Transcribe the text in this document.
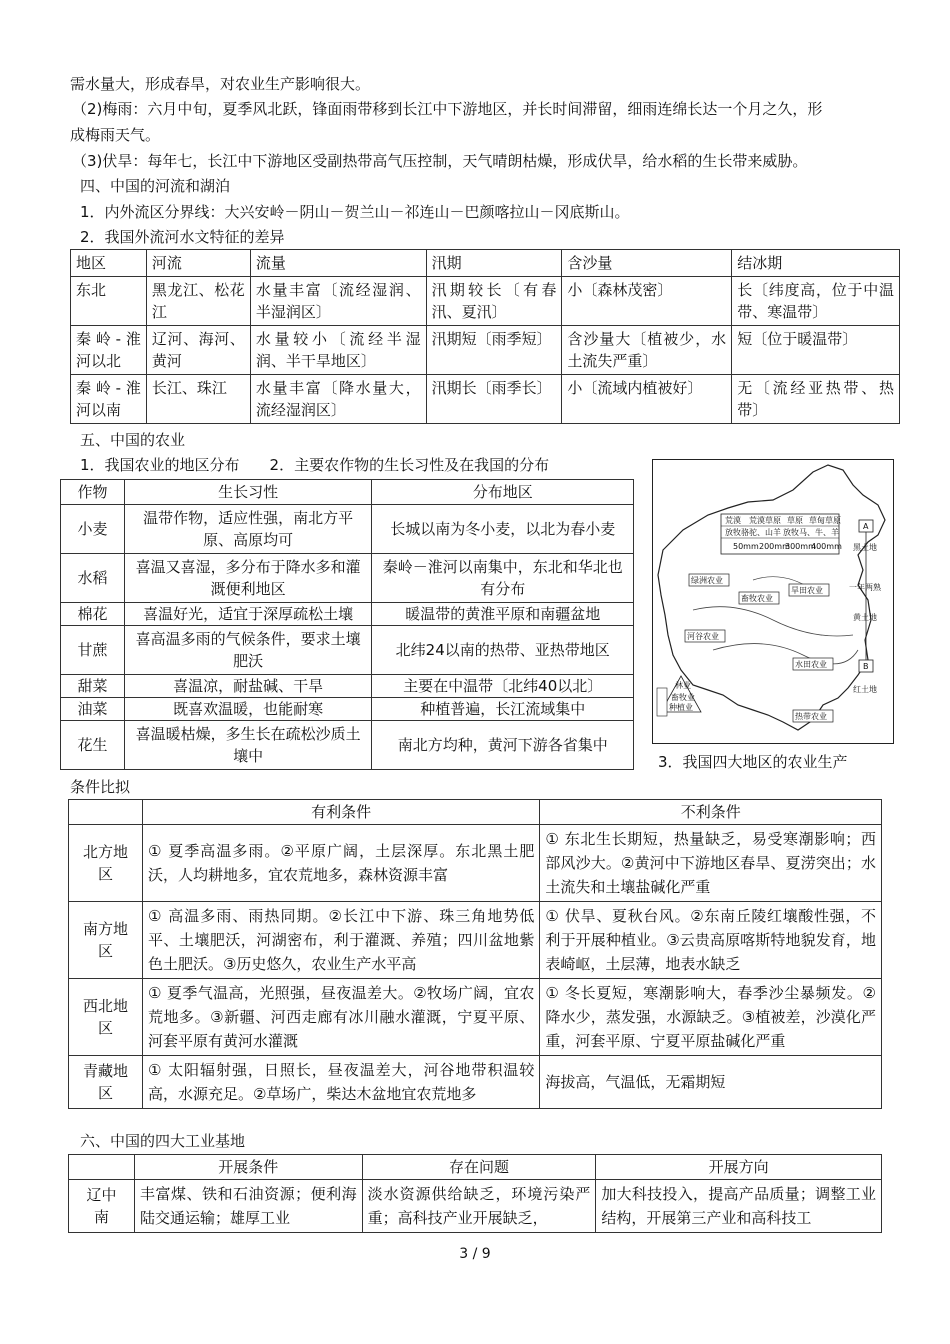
需水量大，形成春旱，对农业生产影响很大。
（2)梅雨：六月中旬，夏季风北跃，锋面雨带移到长江中下游地区，并长时间滞留，细雨连绵长达一个月之久，形
成梅雨天气。
（3)伏旱：每年七，长江中下游地区受副热带高气压控制，天气晴朗枯燥，形成伏旱，给水稻的生长带来威胁。
四、中国的河流和湖泊
1．内外流区分界线：大兴安岭－阴山－贺兰山－祁连山－巴颜喀拉山－冈底斯山。
2．我国外流河水文特征的差异
地区	河流	流量	汛期	含沙量	结冰期
东北	黑龙江、松花江	水量丰富〔流经湿润、半湿润区〕	汛期较长〔有春汛、夏汛〕	小〔森林茂密〕	长〔纬度高，位于中温带、寒温带〕
秦岭-淮河以北	辽河、海河、黄河	水量较小〔流经半湿润、半干旱地区〕	汛期短〔雨季短〕	含沙量大〔植被少，水土流失严重〕	短〔位于暖温带〕
秦岭-淮河以南	长江、珠江	水量丰富〔降水量大，流经湿润区〕	汛期长〔雨季长〕	小〔流域内植被好〕	无〔流经亚热带、热带〕
五、中国的农业
1．我国农业的地区分布　　2．主要农作物的生长习性及在我国的分布
作物	生长习性	分布地区
小麦	温带作物，适应性强，南北方平原、高原均可	长城以南为冬小麦，以北为春小麦
水稻	喜温又喜湿，多分布于降水多和灌溉便利地区	秦岭－淮河以南集中，东北和华北也有分布
棉花	喜温好光，适宜于深厚疏松土壤	暖温带的黄淮平原和南疆盆地
甘蔗	喜高温多雨的气候条件，要求土壤肥沃	北纬24以南的热带、亚热带地区
甜菜	喜温凉，耐盐碱、干旱	主要在中温带〔北纬40以北〕
油菜	既喜欢温暖，也能耐寒	种植普遍，长江流域集中
花生	喜温暖枯燥，多生长在疏松沙质土壤中	南北方均种，黄河下游各省集中
荒漠 荒漠草原 草原 草甸草原
放牧骆驼、山羊 放牧马、牛、羊
50mm 200mm
300mm
400mm
A
黑土地
一年两熟
黄土地
B
红土地
绿洲农业
畜牧农业
旱田农业
河谷农业
水田农业
热带农业
林业
畜牧业
种植业
3．我国四大地区的农业生产
条件比拟
	有利条件	不利条件
北方地区	① 夏季高温多雨。②平原广阔，土层深厚。东北黑土肥沃，人均耕地多，宜农荒地多，森林资源丰富	① 东北生长期短，热量缺乏，易受寒潮影响；西部风沙大。②黄河中下游地区春旱、夏涝突出；水土流失和土壤盐碱化严重
南方地区	① 高温多雨、雨热同期。②长江中下游、珠三角地势低平、土壤肥沃，河湖密布，利于灌溉、养殖；四川盆地紫色土肥沃。③历史悠久，农业生产水平高	① 伏旱、夏秋台风。②东南丘陵红壤酸性强，不利于开展种植业。③云贵高原喀斯特地貌发育，地表崎岖，土层薄，地表水缺乏
西北地区	① 夏季气温高，光照强，昼夜温差大。②牧场广阔，宜农荒地多。③新疆、河西走廊有冰川融水灌溉，宁夏平原、河套平原有黄河水灌溉	① 冬长夏短，寒潮影响大，春季沙尘暴频发。②降水少，蒸发强，水源缺乏。③植被差，沙漠化严重，河套平原、宁夏平原盐碱化严重
青藏地区	① 太阳辐射强，日照长，昼夜温差大，河谷地带积温较高，水源充足。②草场广，柴达木盆地宜农荒地多	海拔高，气温低，无霜期短
六、中国的四大工业基地
	开展条件	存在问题	开展方向
辽中南	丰富煤、铁和石油资源；便利海陆交通运输；雄厚工业	淡水资源供给缺乏，环境污染严重；高科技产业开展缺乏，	加大科技投入，提高产品质量；调整工业结构，开展第三产业和高科技工
3 / 9
